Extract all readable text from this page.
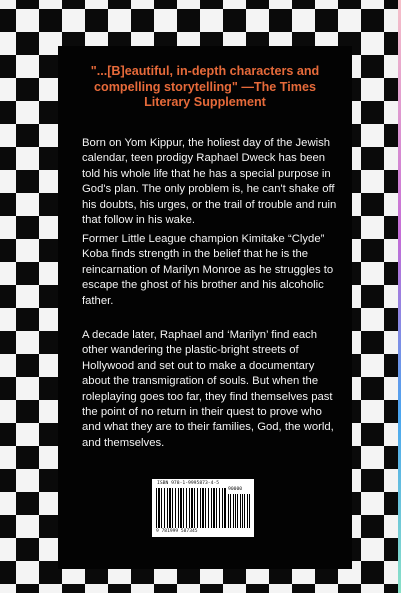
"...[B]eautiful, in-depth characters and compelling storytelling" —The Times Literary Supplement
Born on Yom Kippur, the holiest day of the Jewish calendar, teen prodigy Raphael Dweck has been told his whole life that he has a special purpose in God's plan. The only problem is, he can't shake off his doubts, his urges, or the trail of trouble and ruin that follow in his wake.
Former Little League champion Kimitake “Clyde” Koba finds strength in the belief that he is the reincarnation of Marilyn Monroe as he struggles to escape the ghost of his brother and his alcoholic father.
A decade later, Raphael and ‘Marilyn’ find each other wandering the plastic-bright streets of Hollywood and set out to make a documentary about the transmigration of souls. But when the roleplaying goes too far, they find themselves past the point of no return in their quest to prove who and what they are to their families, God, the world, and themselves.
ISBN 978-1-9995873-4-5
90000
9 781999 587345
